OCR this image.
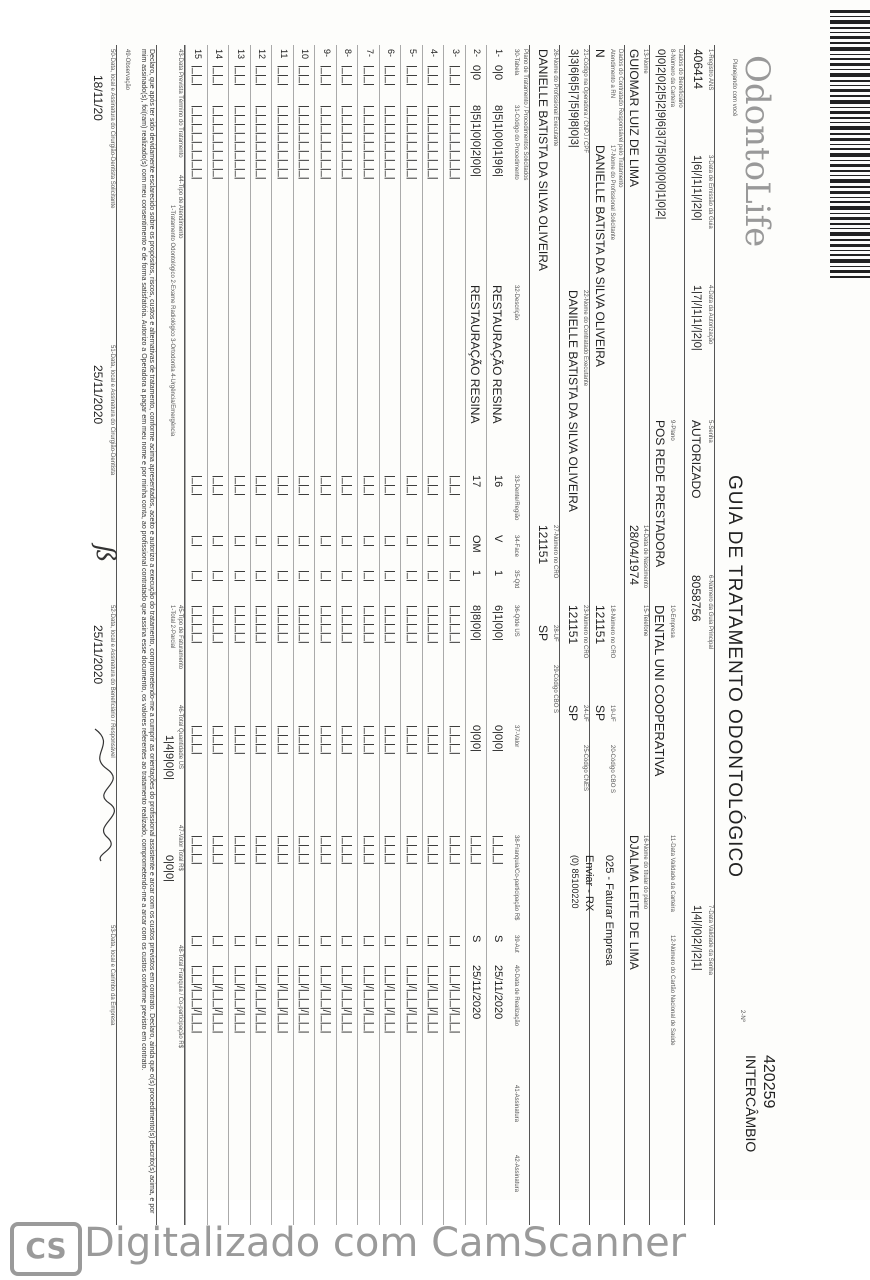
OdontoLife
Planejando com você
GUIA DE TRATAMENTO ODONTOLÓGICO
420259
INTERCÂMBIO
2-Nº
1-Registro ANS
406414
3-Data de Emissão da Guia
1|6|/|1|1|/|2|0|
4-Data da Autorização
1|7|/|1|1|/|2|0|
5-Senha
AUTORIZADO
6-Número da Guia Principal
8058756
7-Data Validade da Senha
1|4|/|0|2|/|2|1|
Dados do Beneficiário
8-Número da Carteira
0|0|2|0|2|5|2|9|6|3|7|5|0|0|0|0|1|0|2|
9-Plano
POS REDE PRESTADORA
10-Empresa
DENTAL UNI COOPERATIVA
11-Data Validade da Carteira
12-Número do Cartão Nacional de Saúde
13-Nome
GUIOMAR LUIZ DE LIMA
14-Data de Nascimento
28/04/1974
15-Telefone
16-Nome do titular do plano
DJALMA LEITE DE LIMA
Dados do Contratado Responsável pelo Tratamento
Atendimento a RN
N
17-Nome do Profissional Solicitante
DANIELLE BATISTA DA SILVA OLIVEIRA
18-Número no CRO
121151
19-UF
SP
20-Código CBO S
025 - Faturar Empresa
21-Código na Operadora / CNPJ / CPF
3|3|6|6|5|7|5|9|8|0|3|
22-Nome do Contratado Executante
DANIELLE BATISTA DA SILVA OLIVEIRA
23-Número no CRO
121151
24-UF
SP
25-Código CNES
Enviar - RX
(0) 85100220
26-Nome do Profissional Executante
DANIELLE BATISTA DA SILVA OLIVEIRA
27-Número no CRO
121151
28-UF
SP
29-Código CBO S
Plano de Tratamento / Procedimentos Solicitados
43-Data Prevista Término do Tratamento
44-Tipo de Atendimento
1-Tratamento Odontológico 2-Exame Radiológico 3-Ortodontia 4-Urgência/Emergência
45-Tipo de Faturamento
1-Total 2-Parcial
46-Total Quantidade US
1|4|9|0|0|
47-Valor Total R$
0|0|0|
48-Total Franquia / Co-participação R$
Declaro, que após ter sido devidamente esclarecido sobre os propósitos, riscos, custos e alternativas de tratamento, conforme acima apresentados, aceito e autorizo a execução do tratamento, comprometendo-me a cumprir as orientações do profissional assistente e arcar com os custos previstos em contrato. Declaro, ainda que o(s) procedimento(s) descrito(s) acima, e por mim assinado(s), foi(ram) realizado(s) com meu consentimento e de forma satisfatória. Autorizo a Operadora a pagar em meu nome e por minha conta, ao profissional contratado que assina esse documento, os valores referentes ao tratamento realizado, comprometendo-me a arcar com os custos conforme previsto em contrato.
49-Observação
50-Data, local e Assinatura do Cirurgião-Dentista Solicitante
18/11/20
51-Data, local e Assinatura do Cirurgião-Dentista
25/11/2020
ß
52-Data, local e Assinatura do Beneficiário / Responsável
25/11/2020
53-Data, local e Carimbo da Empresa
30-Tabela
31-Código do Procedimento
32-Descrição
33-Dente/Região
34-Face
35-Qtd
36-Qtde US
37-Valor
38-Franquia/Co-participação R$
39-Aut
40-Data de Realização
41-Assinatura
42-Assinatura
1-
0|0
8|5|1|0|0|1|9|6|
RESTAURAÇÃO RESINA
16
V
1
6|1|0|0|
0|0|0|
|_|_|_|
S
25/11/2020
2-
0|0
8|5|1|0|0|2|0|0|
RESTAURAÇÃO RESINA
17
OM
1
8|8|0|0|
0|0|0|
|_|_|_|
S
25/11/2020
3-
|_|_|
|_|_|_|_|_|_|_|_|
|_|_|
|_|
|_|
|_|_|_|_|
|_|_|_|
|_|_|_|
|_|
|_|_|/|_|_|/|_|_|
4-
|_|_|
|_|_|_|_|_|_|_|_|
|_|_|
|_|
|_|
|_|_|_|_|
|_|_|_|
|_|_|_|
|_|
|_|_|/|_|_|/|_|_|
5-
|_|_|
|_|_|_|_|_|_|_|_|
|_|_|
|_|
|_|
|_|_|_|_|
|_|_|_|
|_|_|_|
|_|
|_|_|/|_|_|/|_|_|
6-
|_|_|
|_|_|_|_|_|_|_|_|
|_|_|
|_|
|_|
|_|_|_|_|
|_|_|_|
|_|_|_|
|_|
|_|_|/|_|_|/|_|_|
7-
|_|_|
|_|_|_|_|_|_|_|_|
|_|_|
|_|
|_|
|_|_|_|_|
|_|_|_|
|_|_|_|
|_|
|_|_|/|_|_|/|_|_|
8-
|_|_|
|_|_|_|_|_|_|_|_|
|_|_|
|_|
|_|
|_|_|_|_|
|_|_|_|
|_|_|_|
|_|
|_|_|/|_|_|/|_|_|
9-
|_|_|
|_|_|_|_|_|_|_|_|
|_|_|
|_|
|_|
|_|_|_|_|
|_|_|_|
|_|_|_|
|_|
|_|_|/|_|_|/|_|_|
10
|_|_|
|_|_|_|_|_|_|_|_|
|_|_|
|_|
|_|
|_|_|_|_|
|_|_|_|
|_|_|_|
|_|
|_|_|/|_|_|/|_|_|
11
|_|_|
|_|_|_|_|_|_|_|_|
|_|_|
|_|
|_|
|_|_|_|_|
|_|_|_|
|_|_|_|
|_|
|_|_|/|_|_|/|_|_|
12
|_|_|
|_|_|_|_|_|_|_|_|
|_|_|
|_|
|_|
|_|_|_|_|
|_|_|_|
|_|_|_|
|_|
|_|_|/|_|_|/|_|_|
13
|_|_|
|_|_|_|_|_|_|_|_|
|_|_|
|_|
|_|
|_|_|_|_|
|_|_|_|
|_|_|_|
|_|
|_|_|/|_|_|/|_|_|
14
|_|_|
|_|_|_|_|_|_|_|_|
|_|_|
|_|
|_|
|_|_|_|_|
|_|_|_|
|_|_|_|
|_|
|_|_|/|_|_|/|_|_|
15
|_|_|
|_|_|_|_|_|_|_|_|
|_|_|
|_|
|_|
|_|_|_|_|
|_|_|_|
|_|_|_|
|_|
|_|_|/|_|_|/|_|_|
CS Digitalizado com CamScanner
